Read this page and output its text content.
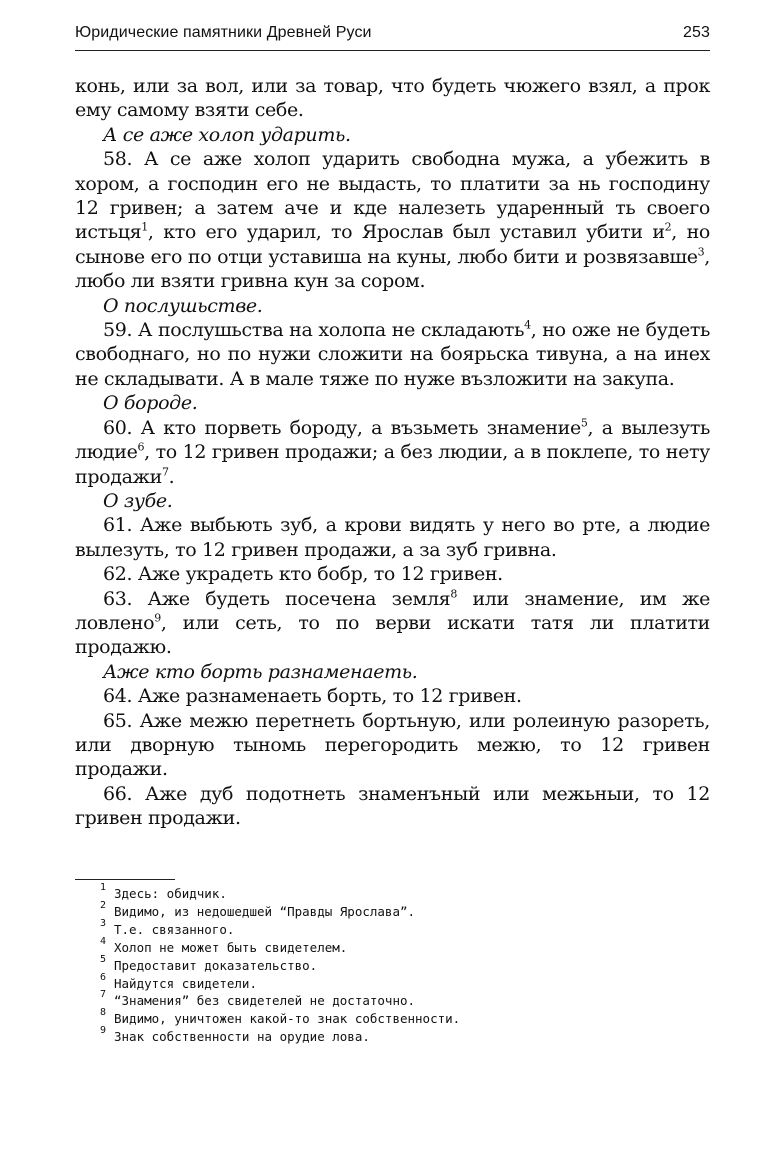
Юридические памятники Древней Руси	253

конь, или за вол, или за товар, что будеть чюжего взял, а прок ему самому взяти себе.

А се аже холоп ударить.

58. А се аже холоп ударить свободна мужа, а убежить в хором, а господин его не выдасть, то платити за нь господину 12 гривен; а затем аче и кде налезеть ударенный ть своего истьця$^1$, кто его ударил, то Ярослав был уставил убити $и^2$, но сынове его по отци уставиша на куны, любо бити и розвязавше$^3$, любо ли взяти гривна кун за сором.

О послушьстве.

59. А послушьства на холопа не складають$^4$, но оже не будеть свободнаго, но по нужи сложити на боярьска тивуна, а на инех не складывати. А в мале тяже по нуже възложити на закупа.

О бороде.

60. А кто порветь бороду, а възьметь знамение$^5$, а вылезуть людие$^6$, то 12 гривен продажи; а без людии, а в поклепе, то нету продажи$^7$.

О зубе.

61. Аже выбьють зуб, а крови видять у него во рте, а людие вылезуть, то 12 гривен продажи, а за зуб гривна.

62. Аже украдеть кто бобр, то 12 гривен.

63. Аже будеть посечена земля$^8$ или знамение, им же ловлено$^9$, или сеть, то по верви искати татя ли платити продажю.

Аже кто борть разнаменаеть.

64. Аже разнаменаеть борть, то 12 гривен.

65. Аже межю перетнеть бортьную, или ролеиную разореть, или дворную тыномь перегородить межю, то 12 гривен продажи.

66. Аже дуб подотнеть знаменъный или межьныи, то 12 гривен продажи.

1 Здесь: обидчик.
2 Видимо, из недошедшей “Правды Ярослава”.
3 Т.е. связанного.
4 Холоп не может быть свидетелем.
5 Предоставит доказательство.
6 Найдутся свидетели.
7 “Знамения” без свидетелей не достаточно.
8 Видимо, уничтожен какой-то знак собственности.
9 Знак собственности на орудие лова.
